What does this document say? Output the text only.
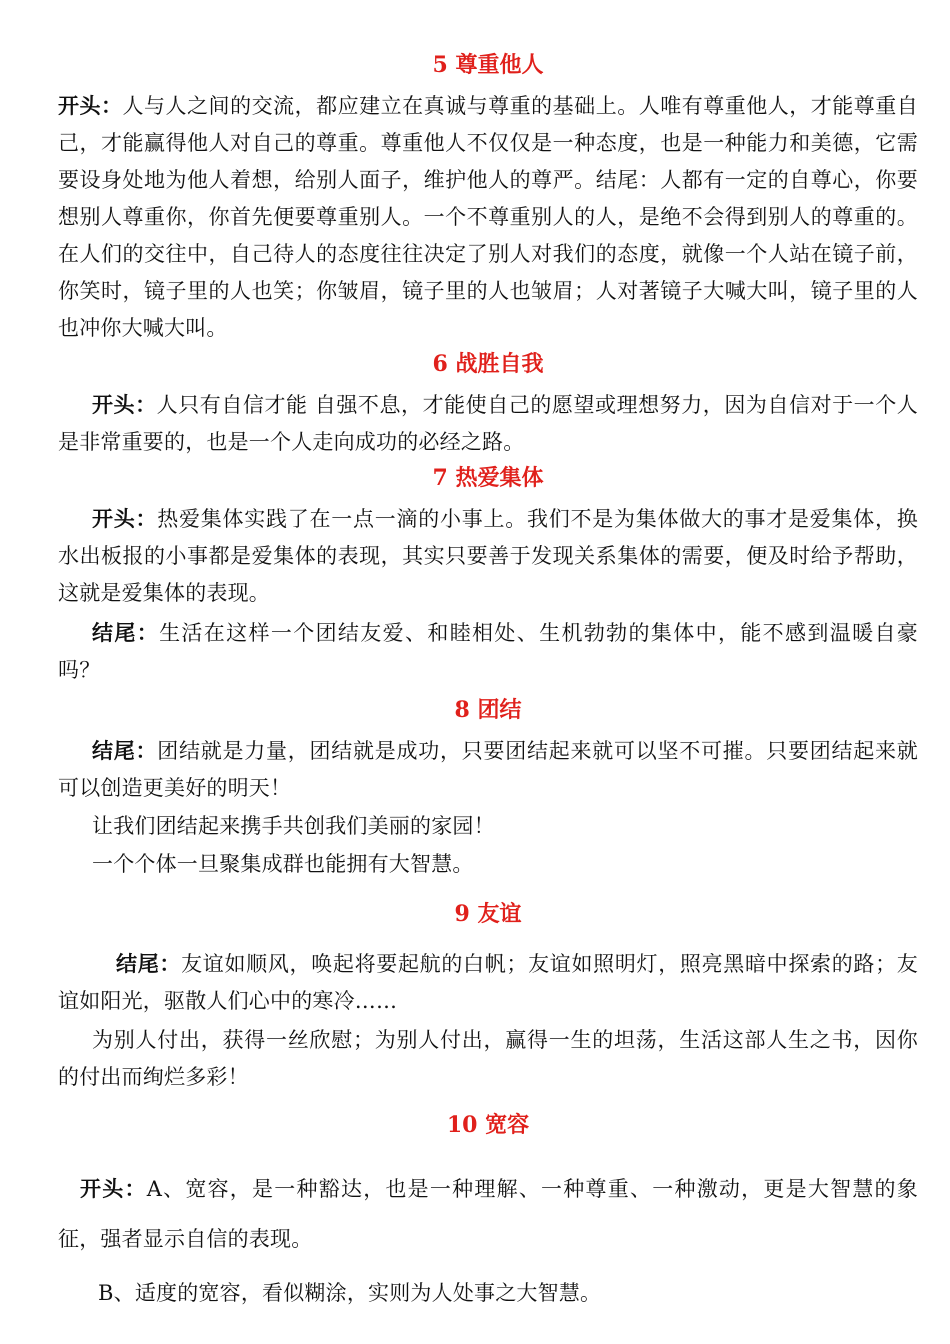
5 尊重他人

开头：人与人之间的交流，都应建立在真诚与尊重的基础上。人唯有尊重他人，才能尊重自己，才能赢得他人对自己的尊重。尊重他人不仅仅是一种态度，也是一种能力和美德，它需要设身处地为他人着想，给别人面子，维护他人的尊严。结尾：人都有一定的自尊心，你要想别人尊重你，你首先便要尊重别人。一个不尊重别人的人，是绝不会得到别人的尊重的。在人们的交往中，自己待人的态度往往决定了别人对我们的态度，就像一个人站在镜子前，你笑时，镜子里的人也笑；你皱眉，镜子里的人也皱眉；人对著镜子大喊大叫，镜子里的人也冲你大喊大叫。

6 战胜自我

开头：人只有自信才能 自强不息，才能使自己的愿望或理想努力，因为自信对于一个人是非常重要的，也是一个人走向成功的必经之路。

7 热爱集体

开头：热爱集体实践了在一点一滴的小事上。我们不是为集体做大的事才是爱集体，换水出板报的小事都是爱集体的表现，其实只要善于发现关系集体的需要，便及时给予帮助，这就是爱集体的表现。

结尾：生活在这样一个团结友爱、和睦相处、生机勃勃的集体中，能不感到温暖自豪吗？

8 团结

结尾：团结就是力量，团结就是成功，只要团结起来就可以坚不可摧。只要团结起来就可以创造更美好的明天！

让我们团结起来携手共创我们美丽的家园！

一个个体一旦聚集成群也能拥有大智慧。

9 友谊

结尾：友谊如顺风，唤起将要起航的白帆；友谊如照明灯，照亮黑暗中探索的路；友谊如阳光，驱散人们心中的寒冷……

为别人付出，获得一丝欣慰；为别人付出，赢得一生的坦荡，生活这部人生之书，因你的付出而绚烂多彩！

10 宽容

开头：A、宽容，是一种豁达，也是一种理解、一种尊重、一种激动，更是大智慧的象征，强者显示自信的表现。

B、适度的宽容，看似糊涂，实则为人处事之大智慧。
